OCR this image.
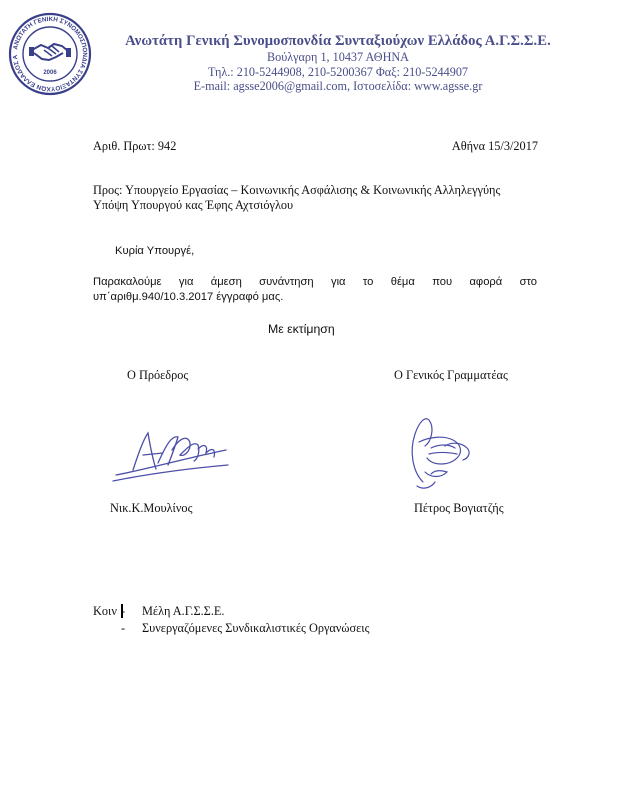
ΑΝΩΤΑΤΗ ΓΕΝΙΚΗ ΣΥΝΟΜΟΣΠΟΝΔΙΑ ΣΥΝΤΑΞΙΟΥΧΩΝ ΕΛΛΑΔΟΣ Α
2006
Ανωτάτη Γενική Συνομοσπονδία Συνταξιούχων Ελλάδος Α.Γ.Σ.Σ.Ε.
Βούλγαρη 1, 10437 ΑΘΗΝΑ
Τηλ.: 210-5244908, 210-5200367 Φαξ: 210-5244907
E-mail: agsse2006@gmail.com, Ιστοσελίδα: www.agsse.gr
Αριθ. Πρωτ: 942	Αθήνα 15/3/2017
Προς: Υπουργείο Εργασίας – Κοινωνικής Ασφάλισης & Κοινωνικής Αλληλεγγύης
Υπόψη Υπουργού κας Έφης Αχτσιόγλου
Κυρία Υπουργέ,
Παρακαλούμε για άμεση συνάντηση για το θέμα που αφορά στο
υπ΄αριθμ.940/10.3.2017 έγγραφό μας.
Με εκτίμηση
Ο Πρόεδρος	Ο Γενικός Γραμματέας
Νικ.Κ.Μουλίνος	Πέτρος Βογιατζής
Κοιν -
-
Μέλη Α.Γ.Σ.Σ.Ε.
Συνεργαζόμενες Συνδικαλιστικές Οργανώσεις
